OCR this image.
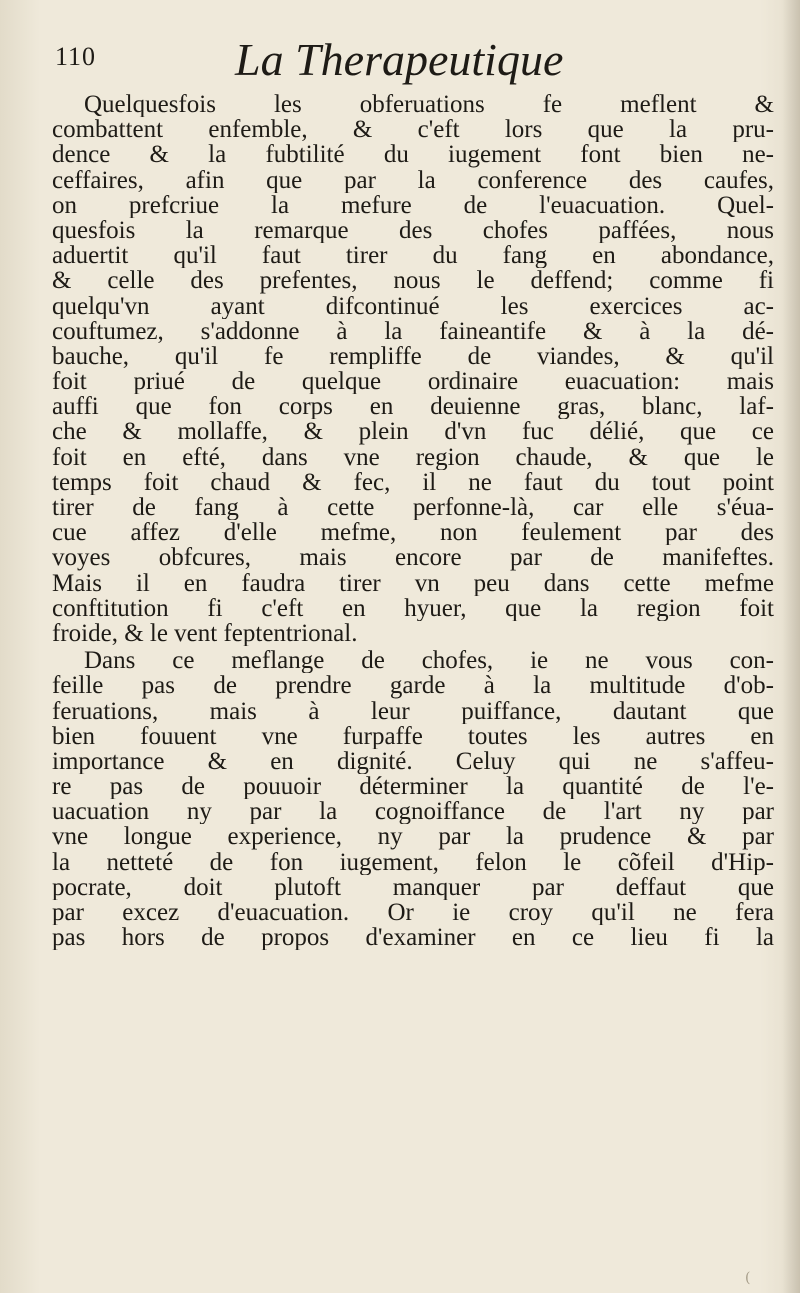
110	La Therapeutique
Quelquesfois les obferuations fe meflent &
combattent enfemble, & c'eft lors que la pru-
dence & la fubtilité du iugement font bien ne-
ceffaires, afin que par la conference des caufes,
on prefcriue la mefure de l'euacuation. Quel-
quesfois la remarque des chofes paffées, nous
aduertit qu'il faut tirer du fang en abondance,
& celle des prefentes, nous le deffend; comme fi
quelqu'vn ayant difcontinué les exercices ac-
couftumez, s'addonne à la faineantife & à la dé-
bauche, qu'il fe rempliffe de viandes, & qu'il
foit priué de quelque ordinaire euacuation: mais
auffi que fon corps en deuienne gras, blanc, laf-
che & mollaffe, & plein d'vn fuc délié, que ce
foit en efté, dans vne region chaude, & que le
temps foit chaud & fec, il ne faut du tout point
tirer de fang à cette perfonne-là, car elle s'éua-
cue affez d'elle mefme, non feulement par des
voyes obfcures, mais encore par de manifeftes.
Mais il en faudra tirer vn peu dans cette mefme
conftitution fi c'eft en hyuer, que la region foit
froide, & le vent feptentrional.
Dans ce meflange de chofes, ie ne vous con-
feille pas de prendre garde à la multitude d'ob-
feruations, mais à leur puiffance, dautant que
bien fouuent vne furpaffe toutes les autres en
importance & en dignité. Celuy qui ne s'affeu-
re pas de pouuoir déterminer la quantité de l'e-
uacuation ny par la cognoiffance de l'art ny par
vne longue experience, ny par la prudence & par
la netteté de fon iugement, felon le cõfeil d'Hip-
pocrate, doit plutoft manquer par deffaut que
par excez d'euacuation. Or ie croy qu'il ne fera
pas hors de propos d'examiner en ce lieu fi la
(
